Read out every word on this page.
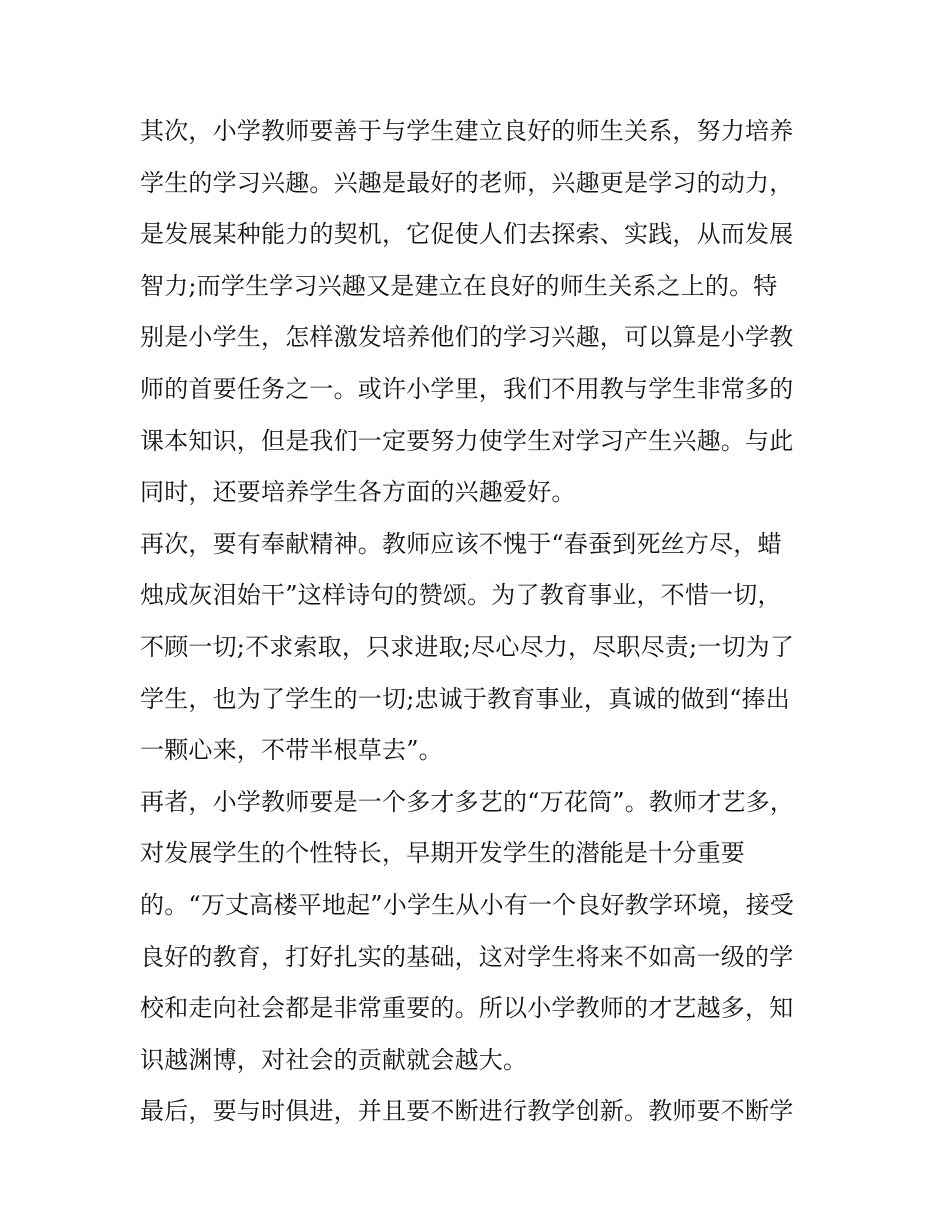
其次，小学教师要善于与学生建立良好的师生关系，努力培养
学生的学习兴趣。兴趣是最好的老师，兴趣更是学习的动力，
是发展某种能力的契机，它促使人们去探索、实践，从而发展
智力;而学生学习兴趣又是建立在良好的师生关系之上的。特
别是小学生，怎样激发培养他们的学习兴趣，可以算是小学教
师的首要任务之一。或许小学里，我们不用教与学生非常多的
课本知识，但是我们一定要努力使学生对学习产生兴趣。与此
同时，还要培养学生各方面的兴趣爱好。
再次，要有奉献精神。教师应该不愧于“春蚕到死丝方尽，蜡
烛成灰泪始干”这样诗句的赞颂。为了教育事业，不惜一切，
不顾一切;不求索取，只求进取;尽心尽力，尽职尽责;一切为了
学生，也为了学生的一切;忠诚于教育事业，真诚的做到“捧出
一颗心来，不带半根草去”。
再者，小学教师要是一个多才多艺的“万花筒”。教师才艺多，
对发展学生的个性特长，早期开发学生的潜能是十分重要
的。“万丈高楼平地起”小学生从小有一个良好教学环境，接受
良好的教育，打好扎实的基础，这对学生将来不如高一级的学
校和走向社会都是非常重要的。所以小学教师的才艺越多，知
识越渊博，对社会的贡献就会越大。
最后，要与时俱进，并且要不断进行教学创新。教师要不断学
